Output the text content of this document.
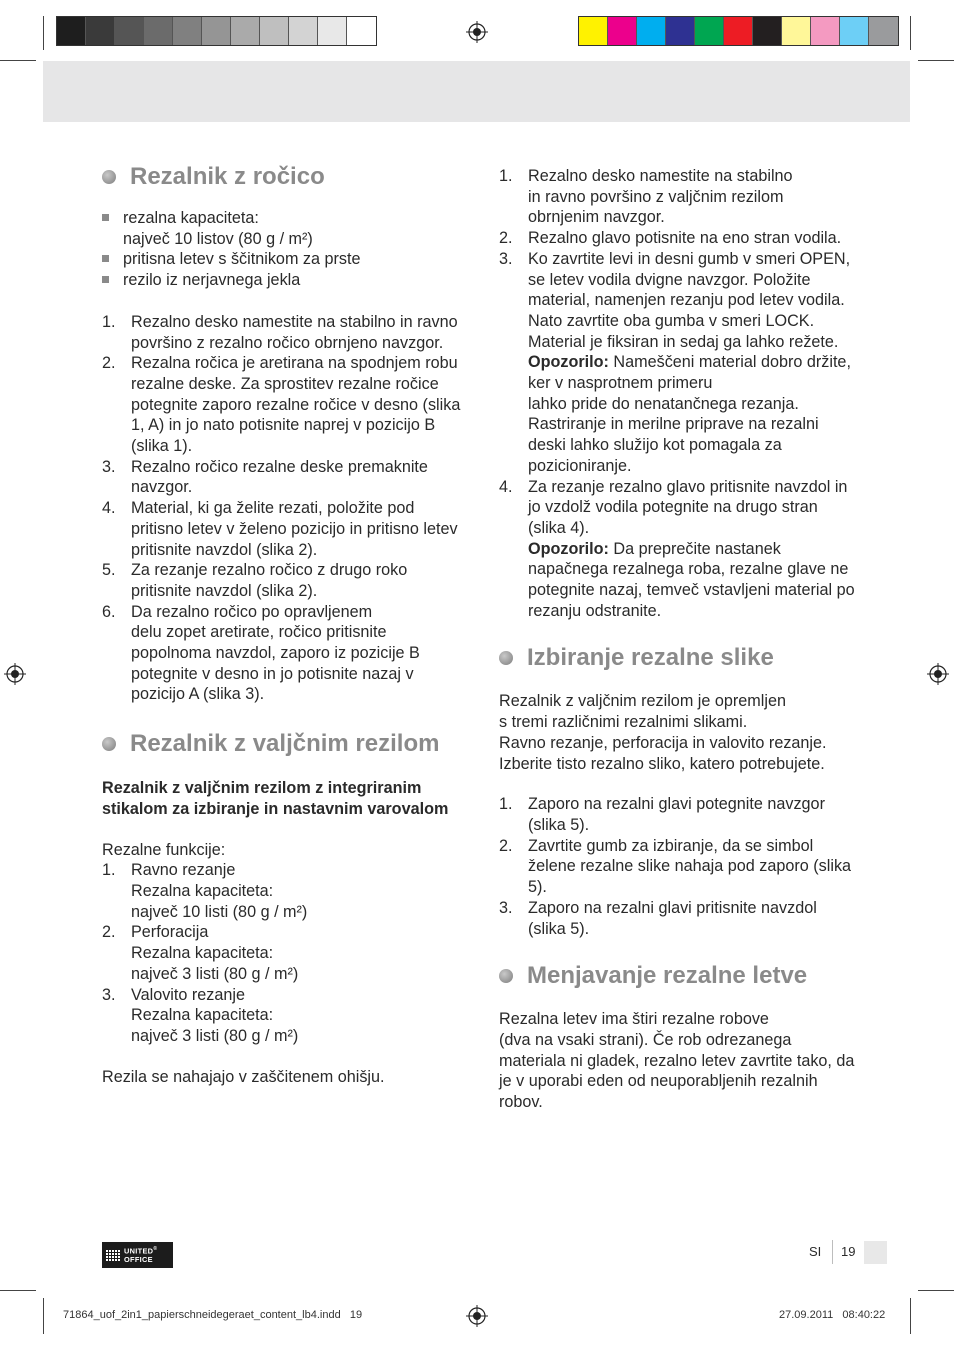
Rezalnik z ročico
rezalna kapaciteta:
največ 10 listov (80 g / m²)
pritisna letev s ščitnikom za prste
rezilo iz nerjavnega jekla
1. Rezalno desko namestite na stabilno in ravno površino z rezalno ročico obrnjeno navzgor.
2. Rezalna ročica je aretirana na spodnjem robu rezalne deske. Za sprostitev rezalne ročice potegnite zaporo rezalne ročice v desno (slika 1, A) in jo nato potisnite naprej v pozicijo B (slika 1).
3. Rezalno ročico rezalne deske premaknite navzgor.
4. Material, ki ga želite rezati, položite pod pritisno letev v želeno pozicijo in pritisno letev pritisnite navzdol (slika 2).
5. Za rezanje rezalno ročico z drugo roko pritisnite navzdol (slika 2).
6. Da rezalno ročico po opravljenem
delu zopet aretirate, ročico pritisnite popolnoma navzdol, zaporo iz pozicije B potegnite v desno in jo potisnite nazaj v pozicijo A (slika 3).
Rezalnik z valjčnim rezilom

Rezalnik z valjčnim rezilom z integriranim stikalom za izbiranje in nastavnim varovalom

Rezalne funkcije:

1. Ravno rezanje
Rezalna kapaciteta:
največ 10 listi (80 g / m²)
2. Perforacija
Rezalna kapaciteta:
največ 3 listi (80 g / m²)
3. Valovito rezanje
Rezalna kapaciteta:
največ 3 listi (80 g / m²)

Rezila se nahajajo v zaščitenem ohišju.

1. Rezalno desko namestite na stabilno
in ravno površino z valjčnim rezilom obrnjenim navzgor.
2. Rezalno glavo potisnite na eno stran vodila.
3. Ko zavrtite levi in desni gumb v smeri OPEN, se letev vodila dvigne navzgor. Položite material, namenjen rezanju pod letev vodila. Nato zavrtite oba gumba v smeri LOCK. Material je fiksiran in sedaj ga lahko režete.
Opozorilo: Nameščeni material dobro držite, ker v nasprotnem primeru
lahko pride do nenatančnega rezanja. Rastriranje in merilne priprave na rezalni deski lahko služijo kot pomagala za pozicioniranje.
4. Za rezanje rezalno glavo pritisnite navzdol in jo vzdolž vodila potegnite na drugo stran (slika 4).
Opozorilo: Da preprečite nastanek napačnega rezalnega roba, rezalne glave ne potegnite nazaj, temveč vstavljeni material po rezanju odstranite.
Izbiranje rezalne slike

Rezalnik z valjčnim rezilom je opremljen
s tremi različnimi rezalnimi slikami.
Ravno rezanje, perforacija in valovito rezanje. Izberite tisto rezalno sliko, katero potrebujete.

1. Zaporo na rezalni glavi potegnite navzgor (slika 5).
2. Zavrtite gumb za izbiranje, da se simbol želene rezalne slike nahaja pod zaporo (slika 5).
3. Zaporo na rezalni glavi pritisnite navzdol (slika 5).
Menjavanje rezalne letve

Rezalna letev ima štiri rezalne robove
(dva na vsaki strani). Če rob odrezanega materiala ni gladek, rezalno letev zavrtite tako, da je v uporabi eden od neuporabljenih rezalnih robov.

UNITED®
OFFICE
SI 19
71864_uof_2in1_papierschneidegeraet_content_lb4.indd   19	27.09.2011   08:40:22
